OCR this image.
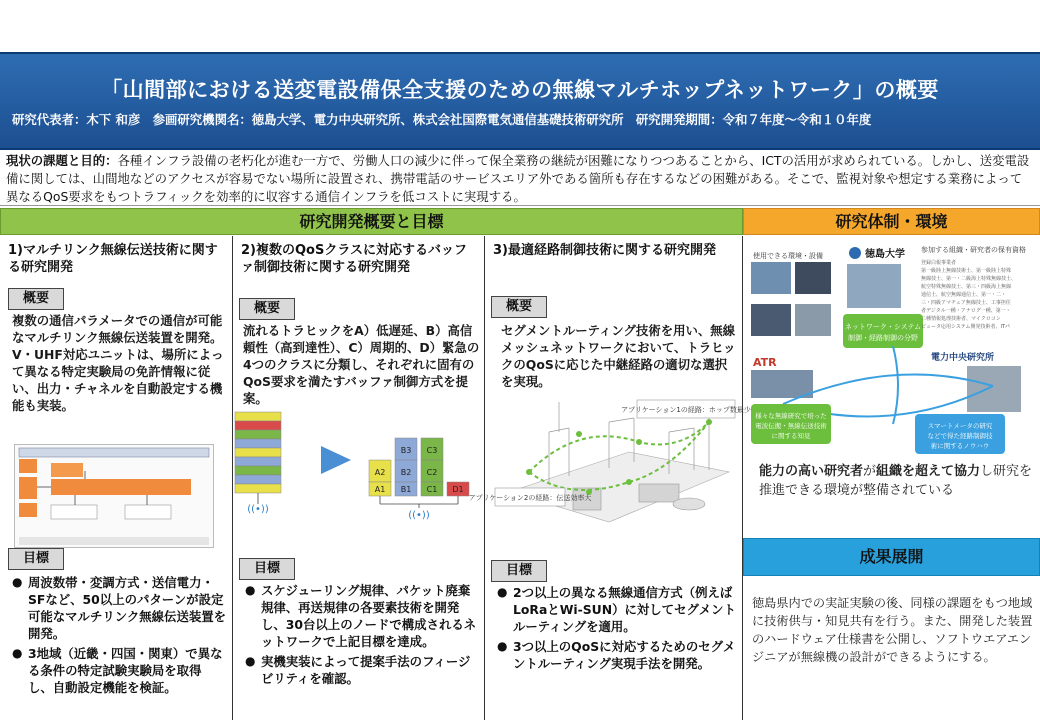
「山間部における送変電設備保全支援のための無線マルチホップネットワーク」の概要
研究代表者：木下 和彦　参画研究機関名：徳島大学、電力中央研究所、株式会社国際電気通信基礎技術研究所　研究開発期間：令和７年度〜令和１０年度
現状の課題と目的：各種インフラ設備の老朽化が進む一方で、労働人口の減少に伴って保全業務の継続が困難になりつつあることから、ICTの活用が求められている。しかし、送変電設備に関しては、山間地などのアクセスが容易でない場所に設置され、携帯電話のサービスエリア外である箇所も存在するなどの困難がある。そこで、監視対象や想定する業務によって異なるQoS要求をもつトラフィックを効率的に収容する通信インフラを低コストに実現する。
研究開発概要と目標	研究体制・環境
1)マルチリンク無線伝送技術に関する研究開発
概要
複数の通信パラメータでの通信が可能なマルチリンク無線伝送装置を開発。V・UHF対応ユニットは、場所によって異なる特定実験局の免許情報に従い、出力・チャネルを自動設定する機能も実装。
目標
● 周波数帯・変調方式・送信電力・SFなど、50以上のパターンが設定可能なマルチリンク無線伝送装置を開発。
● 3地域（近畿・四国・関東）で異なる条件の特定試験実験局を取得し、自動設定機能を検証。
2)複数のQoSクラスに対応するバッファ制御技術に関する研究開発
概要
流れるトラヒックをA）低遅延、B）高信頼性（高到達性）、C）周期的、D）緊急の4つのクラスに分類し、それぞれに固有のQoS要求を満たすバッファ制御方式を提案。
((•))
A2
A1
B3
B2
B1
C3
C2
C1 D1
((•))
目標
● スケジューリング規律、パケット廃棄規律、再送規律の各要素技術を開発し、30台以上のノードで構成されるネットワークで上記目標を達成。
● 実機実装によって提案手法のフィージビリティを確認。
3)最適経路制御技術に関する研究開発
概要
セグメントルーティング技術を用い、無線メッシュネットワークにおいて、トラヒックのQoSに応じた中継経路の適切な選択を実現。
アプリケーション1の経路：ホップ数最少
アプリケーション2の経路：伝送効率大
目標
● 2つ以上の異なる無線通信方式（例えばLoRaとWi-SUN）に対してセグメントルーティングを適用。
● 3つ以上のQoSに対応するためのセグメントルーティング実現手法を開発。
使用できる環境・設備	徳島大学
ネットワーク・システム
制御・経路制御の分野
参加する組織・研究者の保有資格
登録白報事業者
第一級陸上無線技術士、第一級陸上特殊
無線技士、第一・二級海上特殊無線技士、
航空特殊無線技士、第三・四級海上無線
通信士、航空無線通信士、第一・二・
三・四級アマチュア無線技士、工事担任
者デジタル一種・アナログ一種、第一・
二種情報処理技術者、マイクロコン
ピュータ応用システム開発技術者、ITパ
ATR	電力中央研究所
様々な無線研究で培った
電波伝搬・無線伝送技術
に関する知見
スマートメータの研究
などで得た経路制御技
術に関するノウハウ
能力の高い研究者が組織を超えて協力し研究を推進できる環境が整備されている
成果展開
徳島県内での実証実験の後、同様の課題をもつ地域に技術供与・知見共有を行う。また、開発した装置のハードウェア仕様書を公開し、ソフトウエアエンジニアが無線機の設計ができるようにする。
